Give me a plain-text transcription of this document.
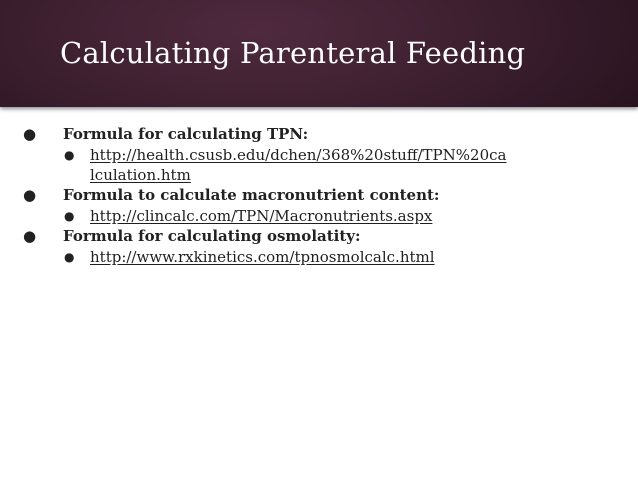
Calculating Parenteral Feeding
● Formula for calculating TPN:
● http://health.csusb.edu/dchen/368%20stuff/TPN%20calculation.htm
● Formula to calculate macronutrient content:
● http://clincalc.com/TPN/Macronutrients.aspx
● Formula for calculating osmolatity:
● http://www.rxkinetics.com/tpnosmolcalc.html
